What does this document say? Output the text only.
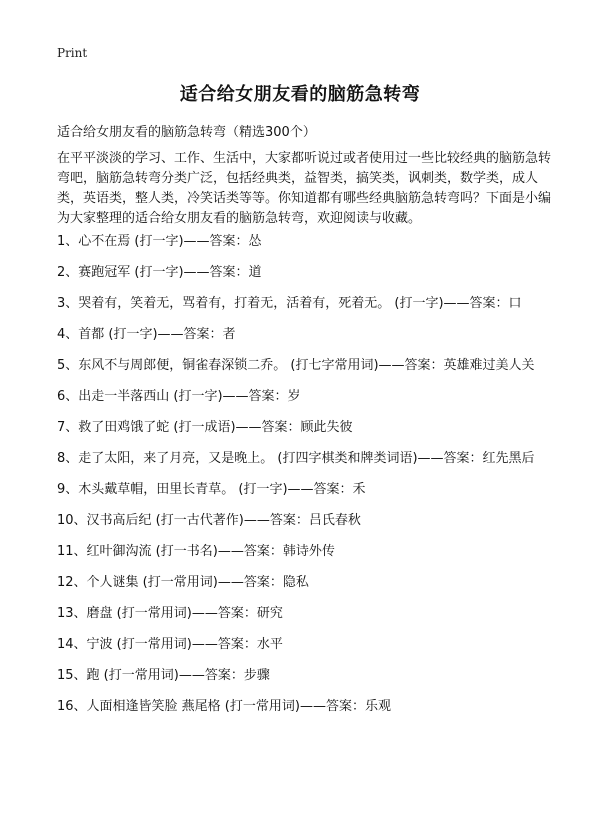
Print
适合给女朋友看的脑筋急转弯
适合给女朋友看的脑筋急转弯（精选300个）
在平平淡淡的学习、工作、生活中，大家都听说过或者使用过一些比较经典的脑筋急转弯吧，脑筋急转弯分类广泛，包括经典类，益智类，搞笑类，讽刺类，数学类，成人类，英语类，整人类，冷笑话类等等。你知道都有哪些经典脑筋急转弯吗？下面是小编为大家整理的适合给女朋友看的脑筋急转弯，欢迎阅读与收藏。
1、心不在焉 (打一字)——答案：怂
2、赛跑冠军 (打一字)——答案：道
3、哭着有，笑着无，骂着有，打着无，活着有，死着无。 (打一字)——答案：口
4、首都 (打一字)——答案：者
5、东风不与周郎便，铜雀春深锁二乔。 (打七字常用词)——答案：英雄难过美人关
6、出走一半落西山 (打一字)——答案：岁
7、救了田鸡饿了蛇 (打一成语)——答案：顾此失彼
8、走了太阳，来了月亮，又是晚上。 (打四字棋类和牌类词语)——答案：红先黑后
9、木头戴草帽，田里长青草。 (打一字)——答案：禾
10、汉书高后纪 (打一古代著作)——答案：吕氏春秋
11、红叶御沟流 (打一书名)——答案：韩诗外传
12、个人谜集 (打一常用词)——答案：隐私
13、磨盘 (打一常用词)——答案：研究
14、宁波 (打一常用词)——答案：水平
15、跑 (打一常用词)——答案：步骤
16、人面相逢皆笑脸 燕尾格 (打一常用词)——答案：乐观
